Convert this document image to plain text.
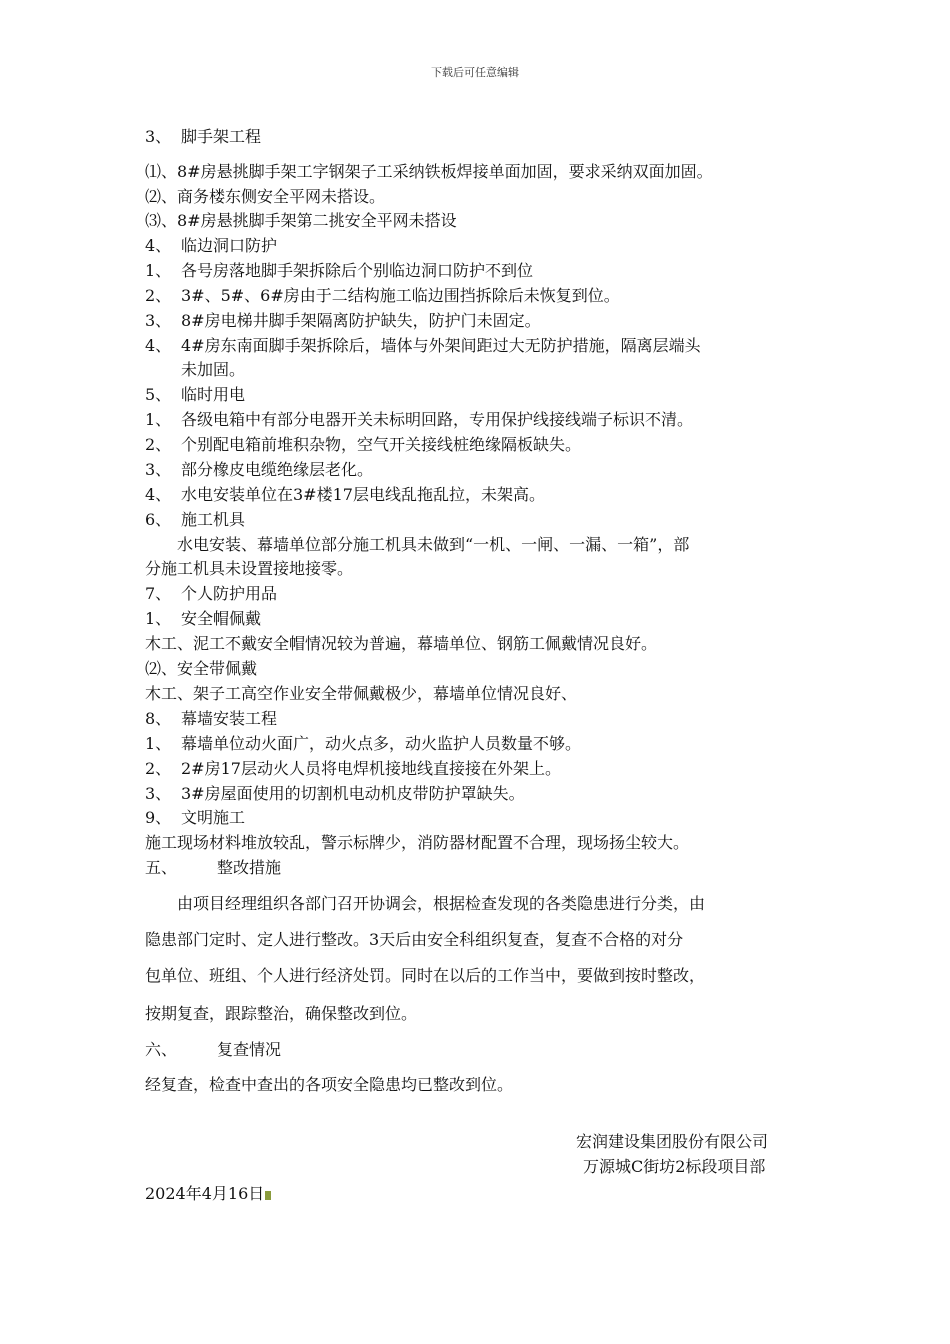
下载后可任意编辑
3、 脚手架工程
⑴、8#房悬挑脚手架工字钢架子工采纳铁板焊接单面加固，要求采纳双面加固。
⑵、商务楼东侧安全平网未搭设。
⑶、8#房悬挑脚手架第二挑安全平网未搭设
4、 临边洞口防护
1、 各号房落地脚手架拆除后个别临边洞口防护不到位
2、 3#、5#、6#房由于二结构施工临边围挡拆除后未恢复到位。
3、 8#房电梯井脚手架隔离防护缺失，防护门未固定。
4、 4#房东南面脚手架拆除后，墙体与外架间距过大无防护措施，隔离层端头
未加固。
5、 临时用电
1、 各级电箱中有部分电器开关未标明回路，专用保护线接线端子标识不清。
2、 个别配电箱前堆积杂物，空气开关接线桩绝缘隔板缺失。
3、 部分橡皮电缆绝缘层老化。
4、 水电安装单位在3#楼17层电线乱拖乱拉，未架高。
6、 施工机具
水电安装、幕墙单位部分施工机具未做到“一机、一闸、一漏、一箱”，部
分施工机具未设置接地接零。
7、 个人防护用品
1、 安全帽佩戴
木工、泥工不戴安全帽情况较为普遍，幕墙单位、钢筋工佩戴情况良好。
⑵、安全带佩戴
木工、架子工高空作业安全带佩戴极少，幕墙单位情况良好、
8、 幕墙安装工程
1、 幕墙单位动火面广，动火点多，动火监护人员数量不够。
2、 2#房17层动火人员将电焊机接地线直接接在外架上。
3、 3#房屋面使用的切割机电动机皮带防护罩缺失。
9、 文明施工
施工现场材料堆放较乱，警示标牌少，消防器材配置不合理，现场扬尘较大。
五、	整改措施
由项目经理组织各部门召开协调会，根据检查发现的各类隐患进行分类，由
隐患部门定时、定人进行整改。3天后由安全科组织复查，复查不合格的对分
包单位、班组、个人进行经济处罚。同时在以后的工作当中，要做到按时整改，
按期复查，跟踪整治，确保整改到位。
六、	复查情况
经复查，检查中查出的各项安全隐患均已整改到位。
宏润建设集团股份有限公司
万源城C街坊2标段项目部
2024年4月16日
